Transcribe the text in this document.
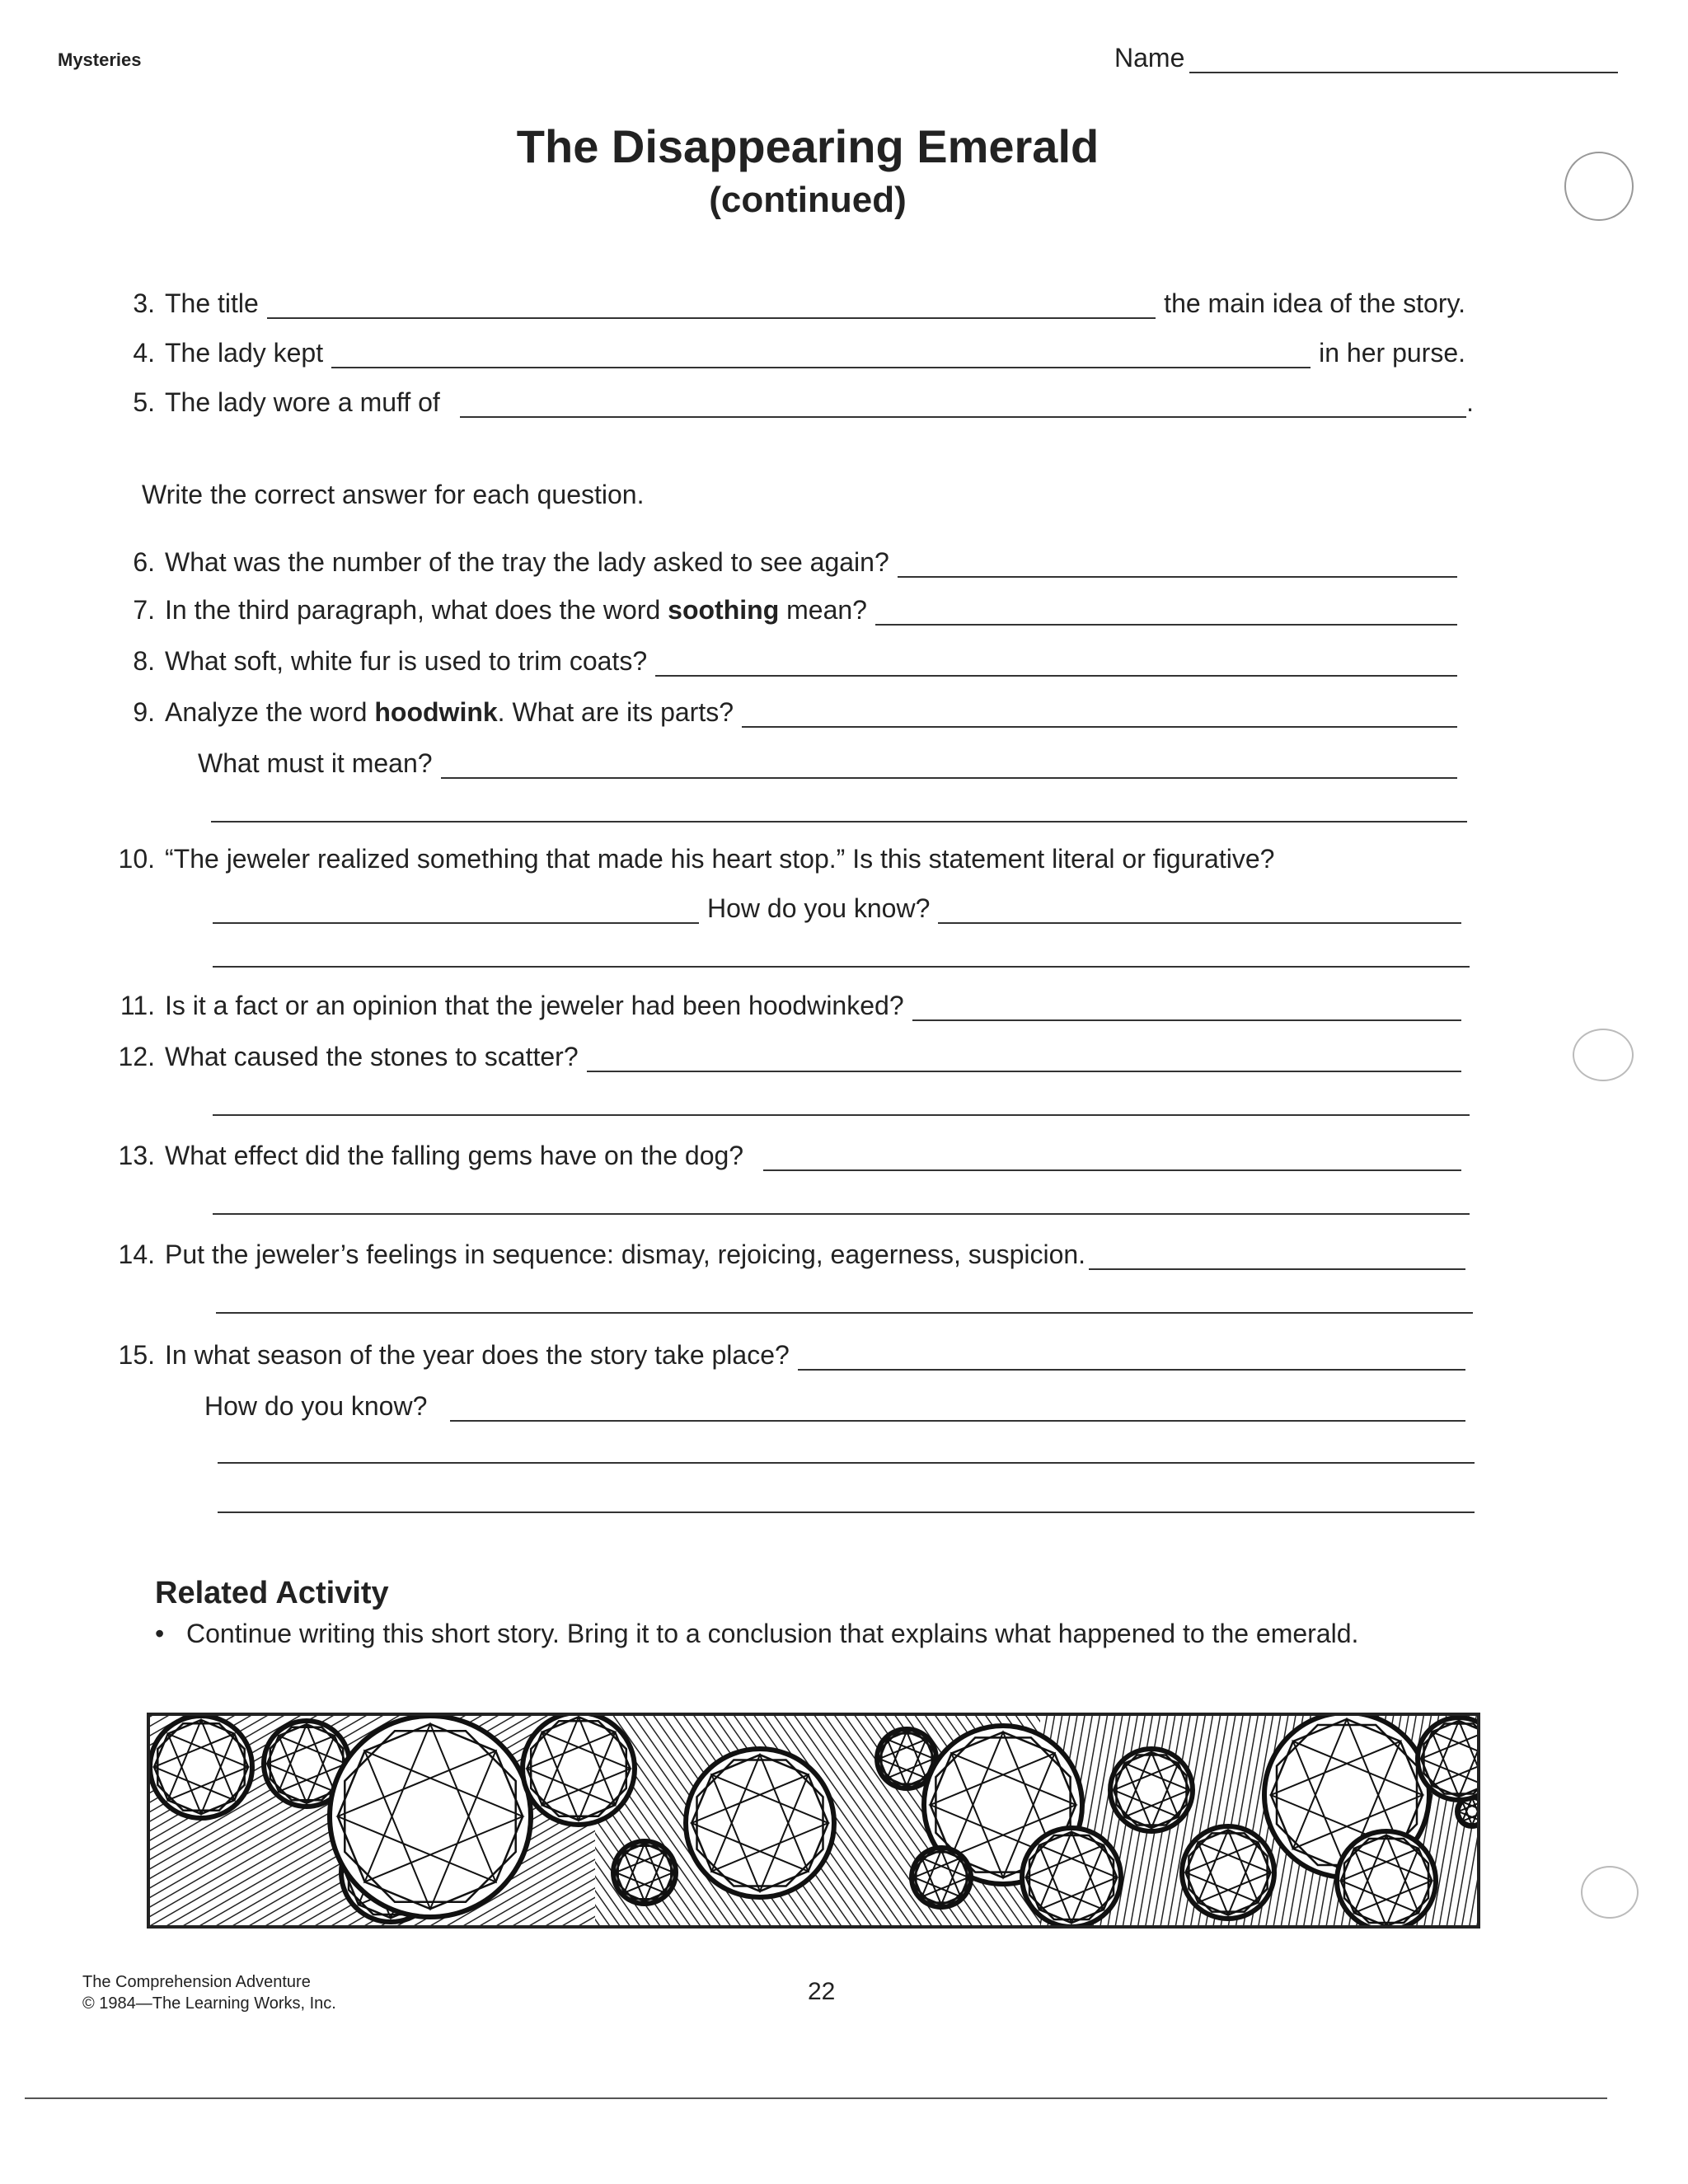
Mysteries	Name
The Disappearing Emerald
(continued)
3. The title	the main idea of the story.
4. The lady kept	in her purse.
5. The lady wore a muff of	.
Write the correct answer for each question.
6. What was the number of the tray the lady asked to see again?
7. In the third paragraph, what does the word
soothing
mean?
8. What soft, white fur is used to trim coats?
9. Analyze the word
hoodwink . What are its parts?
What must it mean?
10. “The jeweler realized something that made his heart stop.” Is this statement literal or figurative?
How do you know?
11. Is it a fact or an opinion that the jeweler had been hoodwinked?
12. What caused the stones to scatter?
13. What effect did the falling gems have on the dog?
14. Put the jeweler’s feelings in sequence: dismay, rejoicing, eagerness, suspicion.
15. In what season of the year does the story take place?
How do you know?
Related Activity
• Continue writing this short story. Bring it to a conclusion that explains what happened to the emerald.
The Comprehension Adventure
© 1984—The Learning Works, Inc.	22
